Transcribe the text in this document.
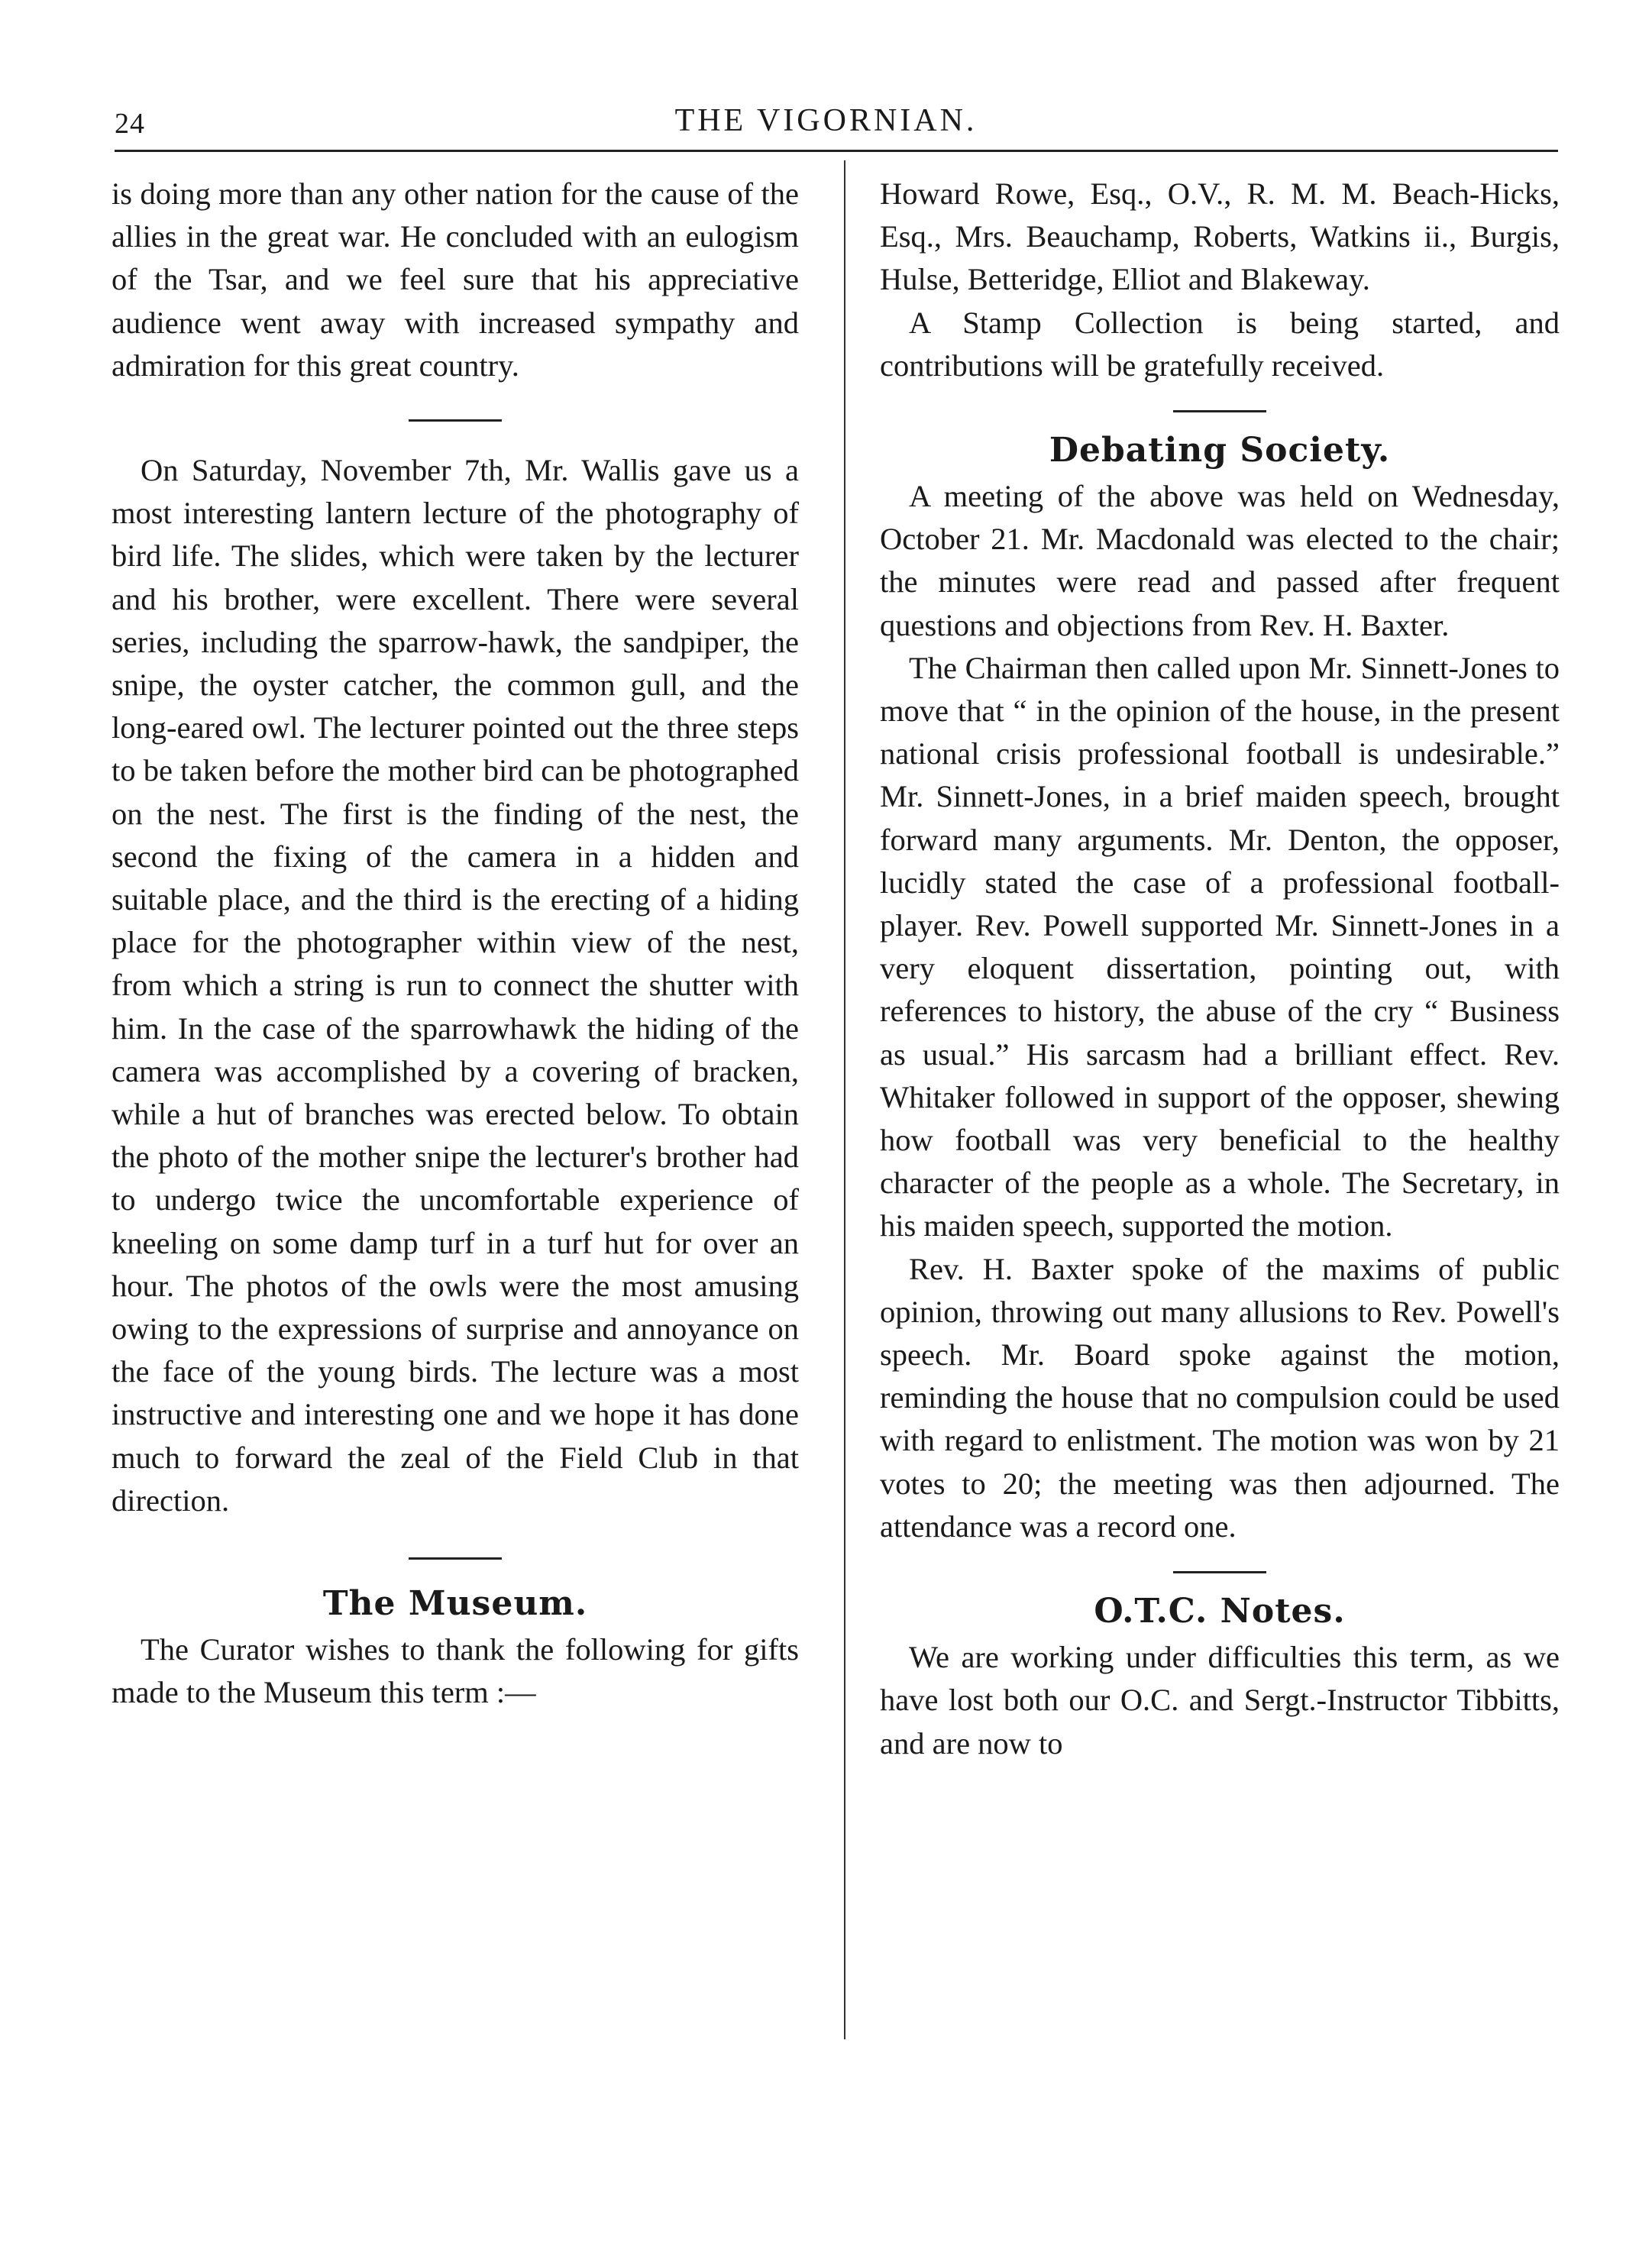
24	THE VIGORNIAN.

is doing more than any other nation for the cause of the allies in the great war. He concluded with an eulogism of the Tsar, and we feel sure that his appreciative audience went away with increased sympathy and admiration for this great country.

On Saturday, November 7th, Mr. Wallis gave us a most interesting lantern lecture of the photography of bird life. The slides, which were taken by the lecturer and his brother, were excellent. There were several series, including the sparrow-hawk, the sandpiper, the snipe, the oyster catcher, the common gull, and the long-eared owl. The lecturer pointed out the three steps to be taken before the mother bird can be photographed on the nest. The first is the finding of the nest, the second the fixing of the camera in a hidden and suitable place, and the third is the erecting of a hiding place for the photographer within view of the nest, from which a string is run to connect the shutter with him. In the case of the sparrowhawk the hiding of the camera was accomplished by a covering of bracken, while a hut of branches was erected below. To obtain the photo of the mother snipe the lecturer's brother had to undergo twice the uncomfortable experience of kneeling on some damp turf in a turf hut for over an hour. The photos of the owls were the most amusing owing to the expressions of surprise and annoyance on the face of the young birds. The lecture was a most instructive and interesting one and we hope it has done much to forward the zeal of the Field Club in that direction.

The Museum.

The Curator wishes to thank the following for gifts made to the Museum this term :—

Howard Rowe, Esq., O.V., R. M. M. Beach-Hicks, Esq., Mrs. Beauchamp, Roberts, Watkins ii., Burgis, Hulse, Betteridge, Elliot and Blakeway.

A Stamp Collection is being started, and contributions will be gratefully received.

Debating Society.

A meeting of the above was held on Wednesday, October 21. Mr. Macdonald was elected to the chair; the minutes were read and passed after frequent questions and objections from Rev. H. Baxter.

The Chairman then called upon Mr. Sinnett-Jones to move that “ in the opinion of the house, in the present national crisis professional football is undesirable.” Mr. Sinnett-Jones, in a brief maiden speech, brought forward many arguments. Mr. Denton, the opposer, lucidly stated the case of a professional football-player. Rev. Powell supported Mr. Sinnett-Jones in a very eloquent dissertation, pointing out, with references to history, the abuse of the cry “ Business as usual.” His sarcasm had a brilliant effect. Rev. Whitaker followed in support of the opposer, shewing how football was very beneficial to the healthy character of the people as a whole. The Secretary, in his maiden speech, supported the motion.

Rev. H. Baxter spoke of the maxims of public opinion, throwing out many allusions to Rev. Powell's speech. Mr. Board spoke against the motion, reminding the house that no compulsion could be used with regard to enlistment. The motion was won by 21 votes to 20; the meeting was then adjourned. The attendance was a record one.

O.T.C. Notes.

We are working under difficulties this term, as we have lost both our O.C. and Sergt.-Instructor Tibbitts, and are now to
